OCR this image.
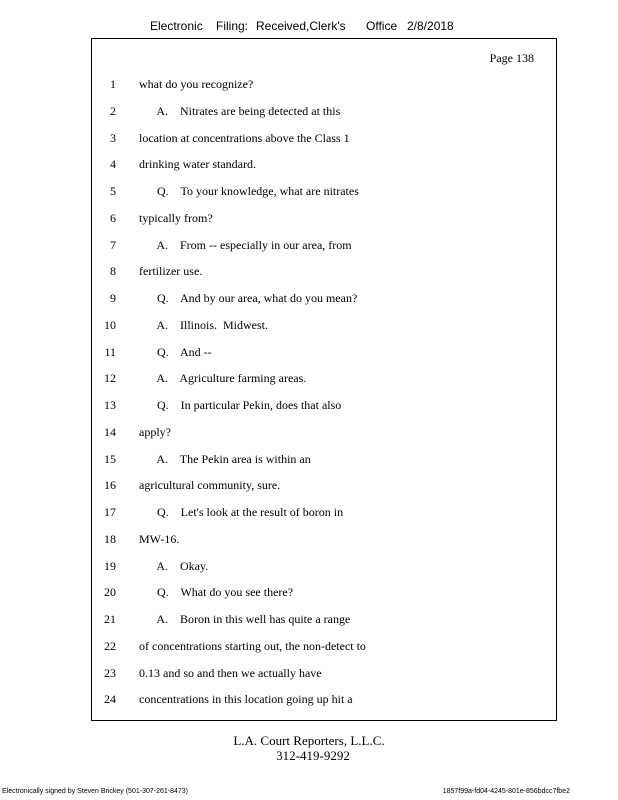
Electronic Filing: Received,Clerk's Office 2/8/2018
Page 138
1 what do you recognize?
2 A.    Nitrates are being detected at this
3 location at concentrations above the Class 1
4 drinking water standard.
5 Q.    To your knowledge, what are nitrates
6 typically from?
7 A.    From -- especially in our area, from
8 fertilizer use.
9 Q.    And by our area, what do you mean?
10 A.    Illinois.  Midwest.
11 Q.    And --
12 A.    Agriculture farming areas.
13 Q.    In particular Pekin, does that also
14 apply?
15 A.    The Pekin area is within an
16 agricultural community, sure.
17 Q.    Let's look at the result of boron in
18 MW-16.
19 A.    Okay.
20 Q.    What do you see there?
21 A.    Boron in this well has quite a range
22 of concentrations starting out, the non-detect to
23 0.13 and so and then we actually have
24 concentrations in this location going up hit a
L.A. Court Reporters, L.L.C.
312-419-9292
Electronically signed by Steven Brickey (501-307-261-8473)	1857f99a-fd04-4245-801e-856bdcc7fbe2
